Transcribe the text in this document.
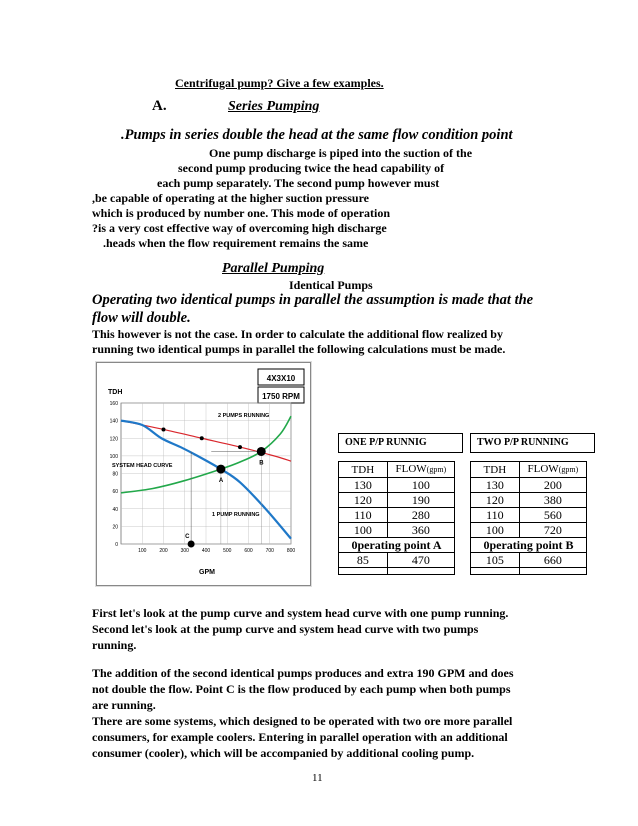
Centrifugal pump? Give a few examples.
A.	Series Pumping
.Pumps in series double the head at the same flow condition point
One pump discharge is piped into the suction of the
second pump producing twice the head capability of
each pump separately. The second pump however must
,be capable of operating at the higher suction pressure
which is produced by number one. This mode of operation
?is a very cost effective way of overcoming high discharge
.heads when the flow requirement remains the same
Parallel Pumping
Identical Pumps
Operating two identical pumps in parallel the assumption is made that the
flow will double.
This however is not the case. In order to calculate the additional flow realized by
running two identical pumps in parallel the following calculations must be made.
4X3X10
1750 RPM
TDH
GPM
0
20
40
60
80
100
120
140
160
100	200	300	400	500	600	700	800
A
B
C
2 PUMPS RUNNING
SYSTEM HEAD CURVE
1 PUMP RUNNING
ONE P/P RUNNIG	TWO P/P RUNNING
TDH	FLOW(gpm)
130	100
120	190
110	280
100	360
0perating point A	
85	470

TDH	FLOW(gpm)
130	200
120	380
110	560
100	720
0perating point B	
105	660

First let's look at the pump curve and system head curve with one pump running.
Second let's look at the pump curve and system head curve with two pumps
running.
The addition of the second identical pumps produces and extra 190 GPM and does
not double the flow. Point C is the flow produced by each pump when both pumps
are running.
There are some systems, which designed to be operated with two ore more parallel
consumers, for example coolers. Entering in parallel operation with an additional
consumer (cooler), which will be accompanied by additional cooling pump.
11
